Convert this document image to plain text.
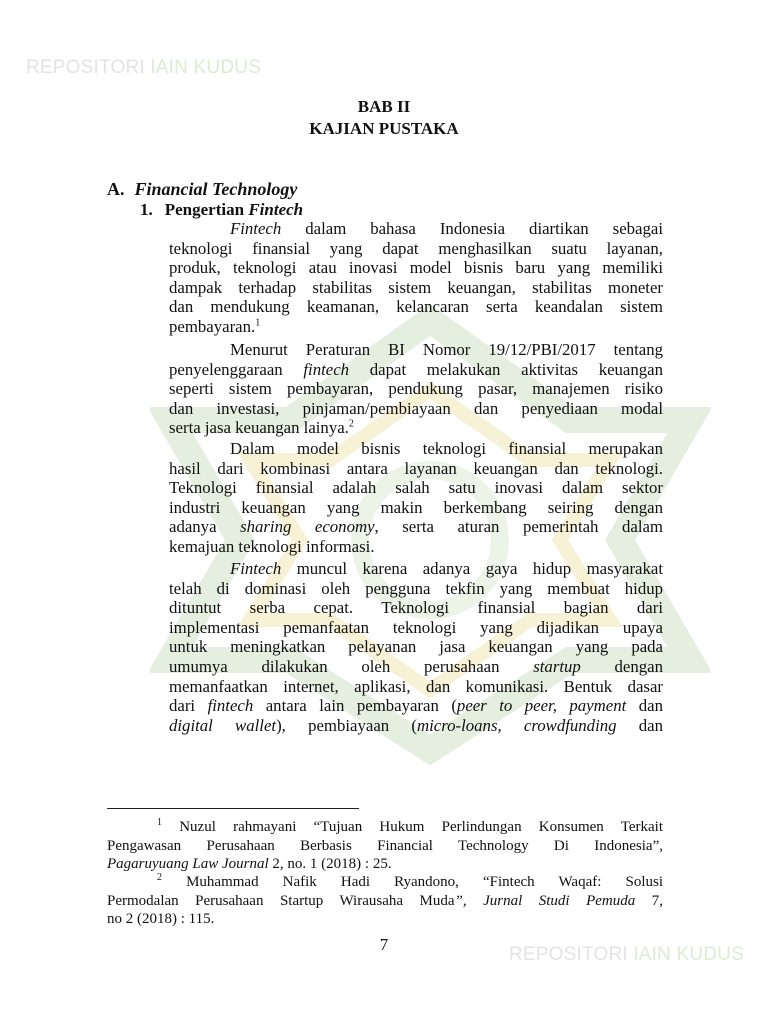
REPOSITORI IAIN KUDUS
BAB II
KAJIAN PUSTAKA
A. Financial Technology
1. Pengertian Fintech
Fintech dalam bahasa Indonesia diartikan sebagai
teknologi finansial yang dapat menghasilkan suatu layanan,
produk, teknologi atau inovasi model bisnis baru yang memiliki
dampak terhadap stabilitas sistem keuangan, stabilitas moneter
dan mendukung keamanan, kelancaran serta keandalan sistem
pembayaran.$^1$
Menurut Peraturan BI Nomor 19/12/PBI/2017 tentang
penyelenggaraan fintech dapat melakukan aktivitas keuangan
seperti sistem pembayaran, pendukung pasar, manajemen risiko
dan investasi, pinjaman/pembiayaan dan penyediaan modal
serta jasa keuangan lainya.$^2$
Dalam model bisnis teknologi finansial merupakan
hasil dari kombinasi antara layanan keuangan dan teknologi.
Teknologi finansial adalah salah satu inovasi dalam sektor
industri keuangan yang makin berkembang seiring dengan
adanya sharing economy, serta aturan pemerintah dalam
kemajuan teknologi informasi.
Fintech muncul karena adanya gaya hidup masyarakat
telah di dominasi oleh pengguna tekfin yang membuat hidup
dituntut serba cepat. Teknologi finansial bagian dari
implementasi pemanfaatan teknologi yang dijadikan upaya
untuk meningkatkan pelayanan jasa keuangan yang pada
umumya dilakukan oleh perusahaan startup dengan
memanfaatkan internet, aplikasi, dan komunikasi. Bentuk dasar
dari fintech antara lain pembayaran (peer to peer, payment dan
digital wallet), pembiayaan (micro-loans, crowdfunding dan
$^1$ Nuzul rahmayani “Tujuan Hukum Perlindungan Konsumen Terkait
Pengawasan Perusahaan Berbasis Financial Technology Di Indonesia”,
Pagaruyuang Law Journal 2, no. 1 (2018) : 25.
$^2$ Muhammad Nafik Hadi Ryandono, “Fintech Waqaf: Solusi
Permodalan Perusahaan Startup Wirausaha Muda”, Jurnal Studi Pemuda 7,
no 2 (2018) : 115.
7	REPOSITORI IAIN KUDUS
